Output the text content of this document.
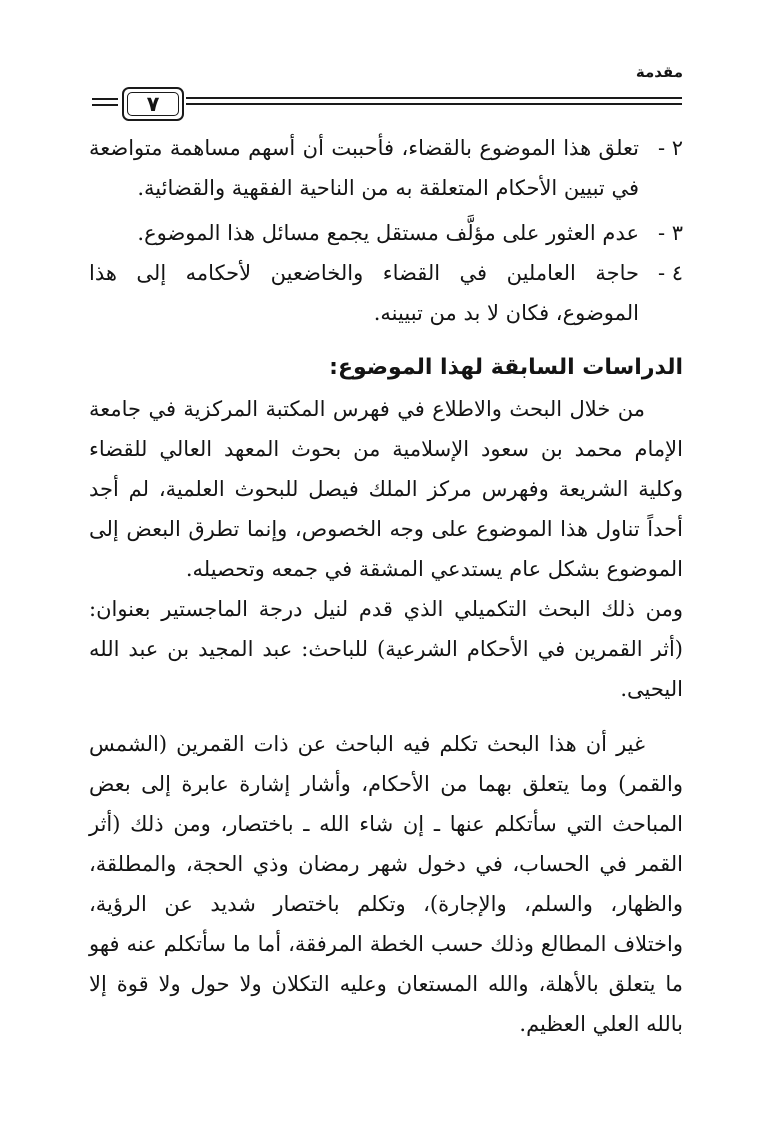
مقدمة
٧
٢ -
تعلق هذا الموضوع بالقضاء، فأحببت أن أسهم مساهمة متواضعة في تبيين الأحكام المتعلقة به من الناحية الفقهية والقضائية.
٣ -
عدم العثور على مؤلَّف مستقل يجمع مسائل هذا الموضوع.
٤ -
حاجة العاملين في القضاء والخاضعين لأحكامه إلى هذا الموضوع، فكان لا بد من تبيينه.
الدراسات السابقة لهذا الموضوع:

من خلال البحث والاطلاع في فهرس المكتبة المركزية في جامعة الإمام محمد بن سعود الإسلامية من بحوث المعهد العالي للقضاء وكلية الشريعة وفهرس مركز الملك فيصل للبحوث العلمية، لم أجد أحداً تناول هذا الموضوع على وجه الخصوص، وإنما تطرق البعض إلى الموضوع بشكل عام يستدعي المشقة في جمعه وتحصيله.

ومن ذلك البحث التكميلي الذي قدم لنيل درجة الماجستير بعنوان: (أثر القمرين في الأحكام الشرعية) للباحث: عبد المجيد بن عبد الله اليحيى.

غير أن هذا البحث تكلم فيه الباحث عن ذات القمرين (الشمس والقمر) وما يتعلق بهما من الأحكام، وأشار إشارة عابرة إلى بعض المباحث التي سأتكلم عنها ـ إن شاء الله ـ باختصار، ومن ذلك (أثر القمر في الحساب، في دخول شهر رمضان وذي الحجة، والمطلقة، والظهار، والسلم، والإجارة)، وتكلم باختصار شديد عن الرؤية، واختلاف المطالع وذلك حسب الخطة المرفقة، أما ما سأتكلم عنه فهو ما يتعلق بالأهلة، والله المستعان وعليه التكلان ولا حول ولا قوة إلا بالله العلي العظيم.
